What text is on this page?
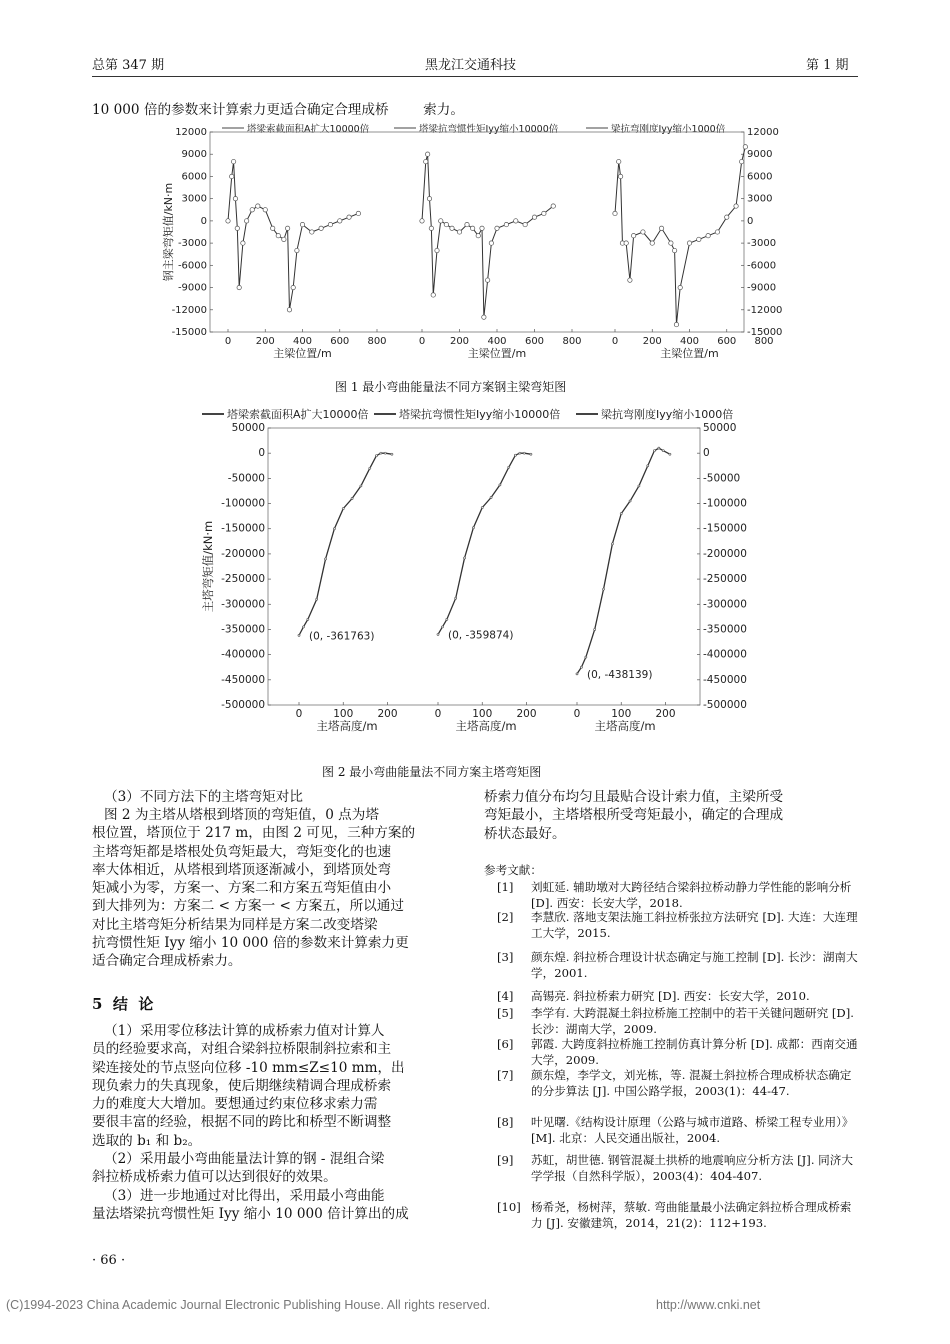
总第 347 期	黑龙江交通科技	第 1 期
10 000 倍的参数来计算索力更适合确定合理成桥        索力。
塔梁索截面积A扩大10000倍	塔梁抗弯惯性矩Iyy缩小10000倍	梁抗弯刚度Iyy缩小1000倍
12000	12000
9000	9000
6000	6000
3000	3000
0	0
-3000	-3000
-6000	-6000
-9000	-9000
-12000	-12000
-15000	-15000
钢主梁弯矩值/kN·m
0 200 400 600 800
主梁位置/m
0 200 400 600 800
主梁位置/m
0 200 400 600 800
主梁位置/m
图 1 最小弯曲能量法不同方案钢主梁弯矩图
塔梁索截面积A扩大10000倍	塔梁抗弯惯性矩Iyy缩小10000倍	梁抗弯刚度Iyy缩小1000倍
50000	50000
0	0
-50000	-50000
-100000	-100000
-150000	-150000
-200000	-200000
-250000	-250000
-300000	-300000
-350000	-350000
-400000	-400000
-450000	-450000
-500000	-500000
主塔弯矩值/kN·m
0	100 200
主塔高度/m
0	100 200
主塔高度/m
0	100 200
主塔高度/m
(0, -361763)	(0, -359874)
(0, -438139)
图 2 最小弯曲能量法不同方案主塔弯矩图
（3）不同方法下的主塔弯矩对比
图 2 为主塔从塔根到塔顶的弯矩值，0 点为塔
根位置，塔顶位于 217 m，由图 2 可见，三种方案的
主塔弯矩都是塔根处负弯矩最大，弯矩变化的也速
率大体相近，从塔根到塔顶逐渐减小，到塔顶处弯
矩减小为零，方案一、方案二和方案五弯矩值由小
到大排列为：方案二 < 方案一 < 方案五，所以通过
对比主塔弯矩分析结果为同样是方案二改变塔梁
抗弯惯性矩 Iyy 缩小 10 000 倍的参数来计算索力更
适合确定合理成桥索力。
5  结  论
（1）采用零位移法计算的成桥索力值对计算人
员的经验要求高，对组合梁斜拉桥限制斜拉索和主
梁连接处的节点竖向位移 -10 mm≤Z≤10 mm，出
现负索力的失真现象，使后期继续精调合理成桥索
力的难度大大增加。要想通过约束位移求索力需
要很丰富的经验，根据不同的跨比和桥型不断调整
选取的 b₁ 和 b₂。
（2）采用最小弯曲能量法计算的钢 - 混组合梁
斜拉桥成桥索力值可以达到很好的效果。
（3）进一步地通过对比得出，采用最小弯曲能
量法塔梁抗弯惯性矩 Iyy 缩小 10 000 倍计算出的成
· 66 ·
桥索力值分布均匀且最贴合设计索力值，主梁所受
弯矩最小，主塔塔根所受弯矩最小，确定的合理成
桥状态最好。
参考文献：
[1]	刘虹延. 辅助墩对大跨径结合梁斜拉桥动静力学性能的影响分析 [D]. 西安：长安大学，2018.
[2]	李慧欣. 落地支架法施工斜拉桥张拉方法研究 [D]. 大连：大连理工大学，2015.
[3]	颜东煌. 斜拉桥合理设计状态确定与施工控制 [D]. 长沙：湖南大学，2001.
[4]	高锡亮. 斜拉桥索力研究 [D]. 西安：长安大学，2010.
[5]	李学有. 大跨混凝土斜拉桥施工控制中的若干关键问题研究 [D]. 长沙：湖南大学，2009.
[6]	郭霞. 大跨度斜拉桥施工控制仿真计算分析 [D]. 成都：西南交通大学，2009.
[7]	颜东煌，李学文，刘光栋，等. 混凝土斜拉桥合理成桥状态确定的分步算法 [J]. 中国公路学报，2003(1)：44-47.
[8]	叶见曙.《结构设计原理（公路与城市道路、桥梁工程专业用）》[M]. 北京：人民交通出版社，2004.
[9]	苏虹，胡世德. 钢管混凝土拱桥的地震响应分析方法 [J]. 同济大学学报（自然科学版），2003(4)：404-407.
[10] 杨希尧，杨树萍，蔡敏. 弯曲能量最小法确定斜拉桥合理成桥索力 [J]. 安徽建筑，2014，21(2)：112+193.
(C)1994-2023 China Academic Journal Electronic Publishing House. All rights reserved.	http://www.cnki.net
